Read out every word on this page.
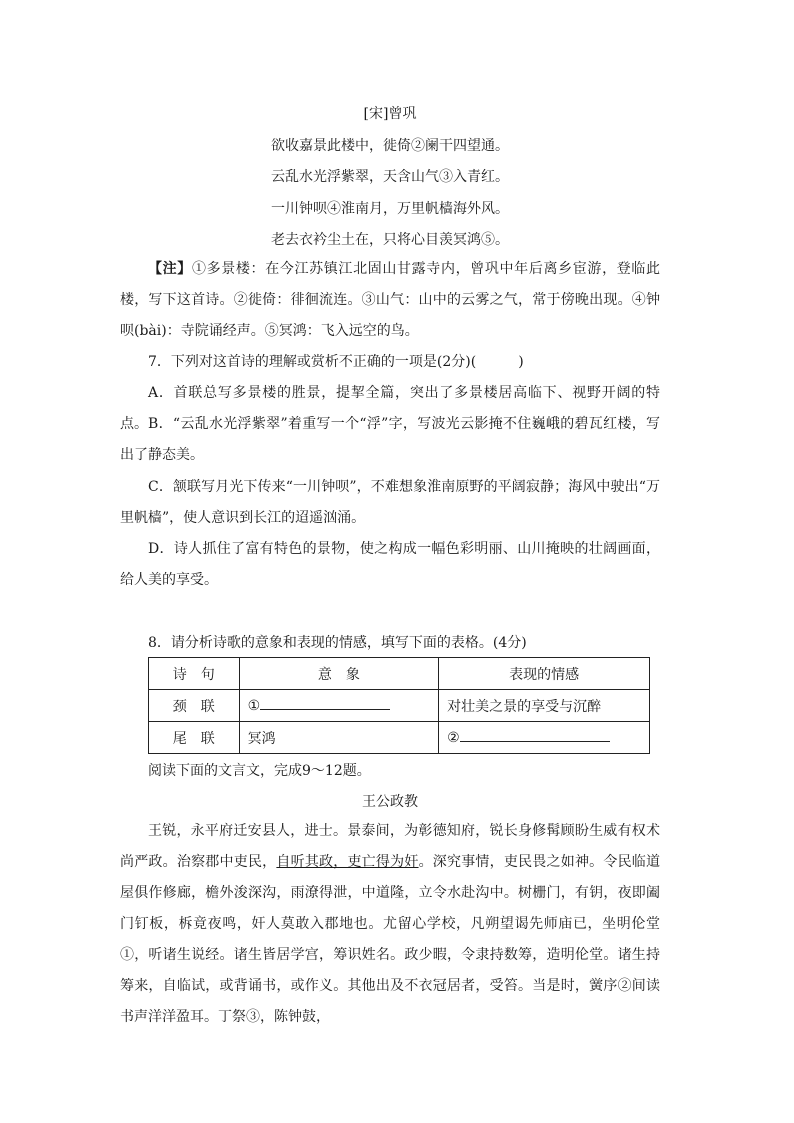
[宋]曾巩
欲收嘉景此楼中，徙倚②阑干四望通。
云乱水光浮紫翠，天含山气③入青红。
一川钟呗④淮南月，万里帆樯海外风。
老去衣衿尘土在，只将心目羡冥鸿⑤。
【注】①多景楼：在今江苏镇江北固山甘露寺内，曾巩中年后离乡宦游，登临此楼，写下这首诗。②徙倚：徘徊流连。③山气：山中的云雾之气，常于傍晚出现。④钟呗(bài)：寺院诵经声。⑤冥鸿：飞入远空的鸟。
7．下列对这首诗的理解或赏析不正确的一项是(2分)(　　　)
A．首联总写多景楼的胜景，提挈全篇，突出了多景楼居高临下、视野开阔的特点。 B．“云乱水光浮紫翠”着重写一个“浮”字，写波光云影掩不住巍峨的碧瓦红楼，写出了静态美。
C．颔联写月光下传来“一川钟呗”，不难想象淮南原野的平阔寂静；海风中驶出“万里帆樯”，使人意识到长江的迢遥汹涌。
D．诗人抓住了富有特色的景物，使之构成一幅色彩明丽、山川掩映的壮阔画面，给人美的享受。
8．请分析诗歌的意象和表现的情感，填写下面的表格。(4分)
诗　句	意　象	表现的情感
颈　联	①	对壮美之景的享受与沉醉
尾　联	冥鸿	②
阅读下面的文言文，完成9～12题。
王公政教
王锐，永平府迁安县人，进士。景泰间，为彰德知府，锐长身修髯顾盼生威有权术尚严政。治察郡中吏民，自听其政，吏亡得为奸。深究事情，吏民畏之如神。令民临道屋俱作修廊，檐外浚深沟，雨潦得泄，中道隆，立令水赴沟中。树栅门，有钥，夜即阖门钉板，柝竟夜鸣，奸人莫敢入郡地也。尤留心学校，凡朔望谒先师庙已，坐明伦堂①，听诸生说经。诸生皆居学宫，筹识姓名。政少暇，令隶持数筹，造明伦堂。诸生持筹来，自临试，或背诵书，或作义。其他出及不衣冠居者，受笞。当是时，黉序②间读书声洋洋盈耳。丁祭③，陈钟鼓，
